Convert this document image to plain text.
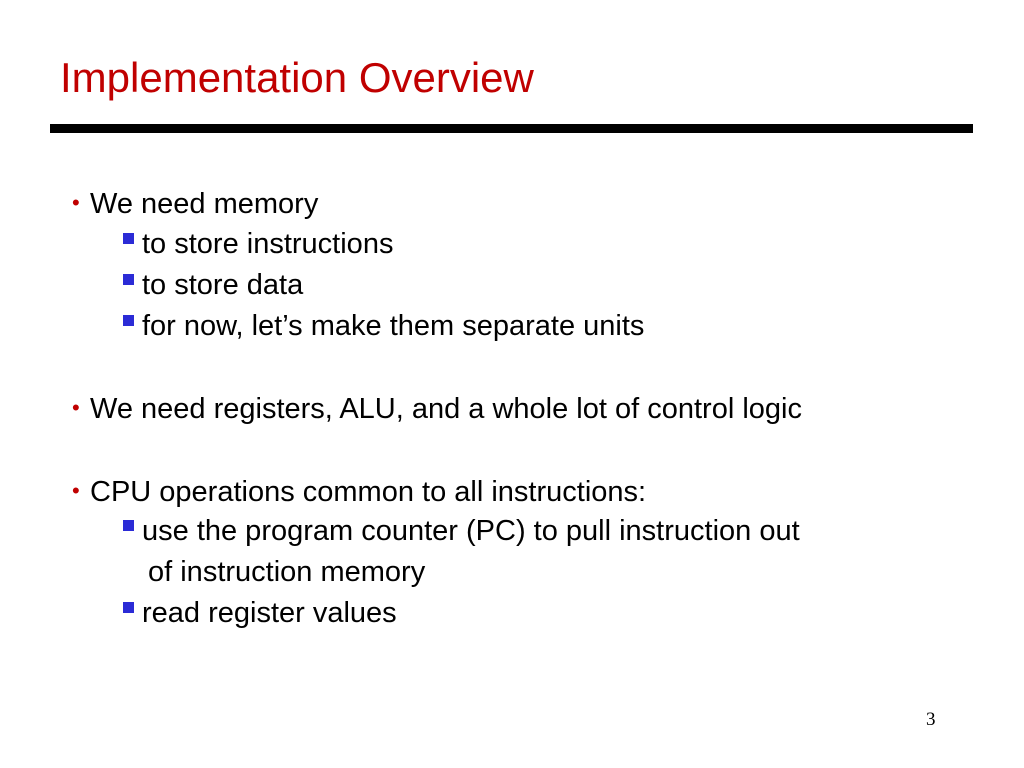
Implementation Overview
• We need memory
to store instructions
to store data
for now, let’s make them separate units
• We need registers, ALU, and a whole lot of control logic
• CPU operations common to all instructions:
use the program counter (PC) to pull instruction out
of instruction memory
read register values
3
